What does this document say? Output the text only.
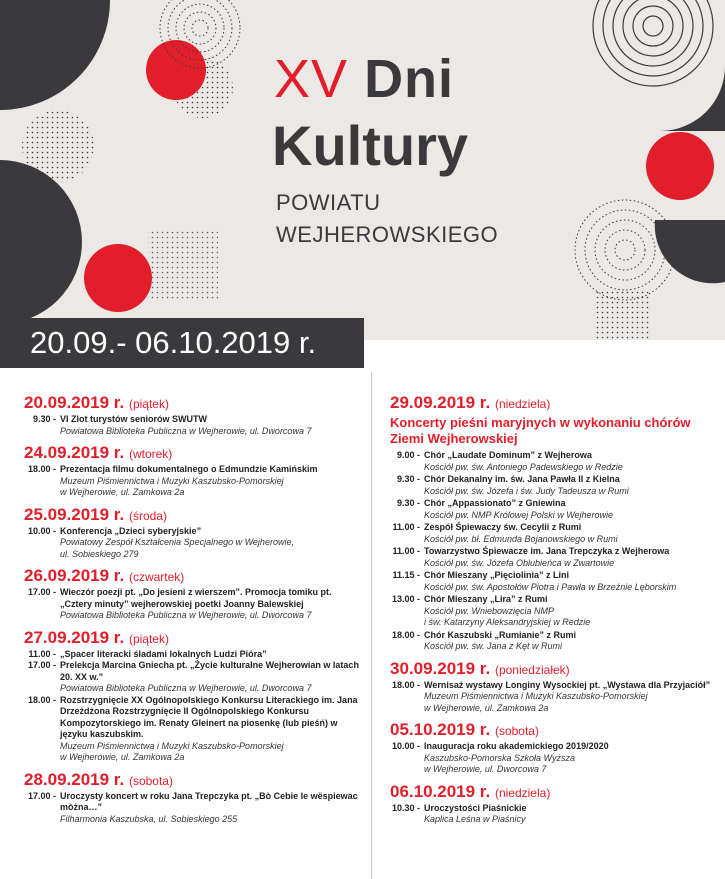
XV Dni
Kultury
POWIATU
WEJHEROWSKIEGO
20.09.- 06.10.2019 r.
20.09.2019 r. (piątek)
9.30 - VI Zlot turystów seniorów SWUTW
Powiatowa Biblioteka Publiczna w Wejherowie, ul. Dworcowa 7
24.09.2019 r. (wtorek)
18.00 - Prezentacja filmu dokumentalnego o Edmundzie Kamińskim
Muzeum Piśmiennictwa i Muzyki Kaszubsko-Pomorskiej
w Wejherowie, ul. Zamkowa 2a
25.09.2019 r. (środa)
10.00 - Konferencja „Dzieci syberyjskie”
Powiatowy Zespół Kształcenia Specjalnego w Wejherowie,
ul. Sobieskiego 279
26.09.2019 r. (czwartek)
17.00 - Wieczór poezji pt. „Do jesieni z wierszem”. Promocja tomiku pt. „Cztery minuty” wejherowskiej poetki Joanny Balewskiej
Powiatowa Biblioteka Publiczna w Wejherowie, ul. Dworcowa 7
27.09.2019 r. (piątek)
11.00 - „Spacer literacki śladami lokalnych Ludzi Pióra”
17.00 - Prelekcja Marcina Gniecha pt. „Życie kulturalne Wejherowian w latach 20. XX w.”
Powiatowa Biblioteka Publiczna w Wejherowie, ul. Dworcowa 7
18.00 - Rozstrzygnięcie XX Ogólnopolskiego Konkursu Literackiego im. Jana Drzeżdżona Rozstrzygnięcie II Ogólnopolskiego Konkursu Kompozytorskiego im. Renaty Gleinert na piosenkę (lub pieśń) w języku kaszubskim.
Muzeum Piśmiennictwa i Muzyki Kaszubsko-Pomorskiej
w Wejherowie, ul. Zamkowa 2a
28.09.2019 r. (sobota)
17.00 - Uroczysty koncert w roku Jana Trepczyka pt. „Bò Cebie le wëspiewac mòżna…”
Filharmonia Kaszubska, ul. Sobieskiego 255
29.09.2019 r. (niedziela)
Koncerty pieśni maryjnych w wykonaniu chórów Ziemi Wejherowskiej
9.00 - Chór „Laudate Dominum” z Wejherowa
Kościół pw. św. Antoniego Padewskiego w Redzie
9.30 - Chór Dekanalny im. św. Jana Pawła II z Kielna
Kościół pw. św. Józefa i św. Judy Tadeusza w Rumi
9.30 - Chór „Appassionato” z Gniewina
Kościół pw. NMP Królowej Polski w Wejherowie
11.00 - Zespół Śpiewaczy św. Cecylii z Rumi
Kościół pw. bł. Edmunda Bojanowskiego w Rumi
11.00 - Towarzystwo Śpiewacze im. Jana Trepczyka z Wejherowa
Kościół pw. św. Józefa Oblubieńca w Zwartowie
11.15 - Chór Mieszany „Pięciolinia” z Lini
Kościół pw. św. Apostołów Piotra i Pawła w Brzeźnie Lęborskim
13.00 - Chór Mieszany „Lira” z Rumi
Kościół pw. Wniebowzięcia NMP
i św. Katarzyny Aleksandryjskiej w Redzie
18.00 - Chór Kaszubski „Rumianie” z Rumi
Kościół pw. św. Jana z Kęt w Rumi
30.09.2019 r. (poniedziałek)
18.00 - Wernisaż wystawy Longiny Wysockiej pt. „Wystawa dla Przyjaciół”
Muzeum Piśmiennictwa i Muzyki Kaszubsko-Pomorskiej
w Wejherowie, ul. Zamkowa 2a
05.10.2019 r. (sobota)
10.00 - Inauguracja roku akademickiego 2019/2020
Kaszubsko-Pomorska Szkoła Wyższa
w Wejherowie, ul. Dworcowa 7
06.10.2019 r. (niedziela)
10.30 - Uroczystości Piaśnickie
Kaplica Leśna w Piaśnicy
